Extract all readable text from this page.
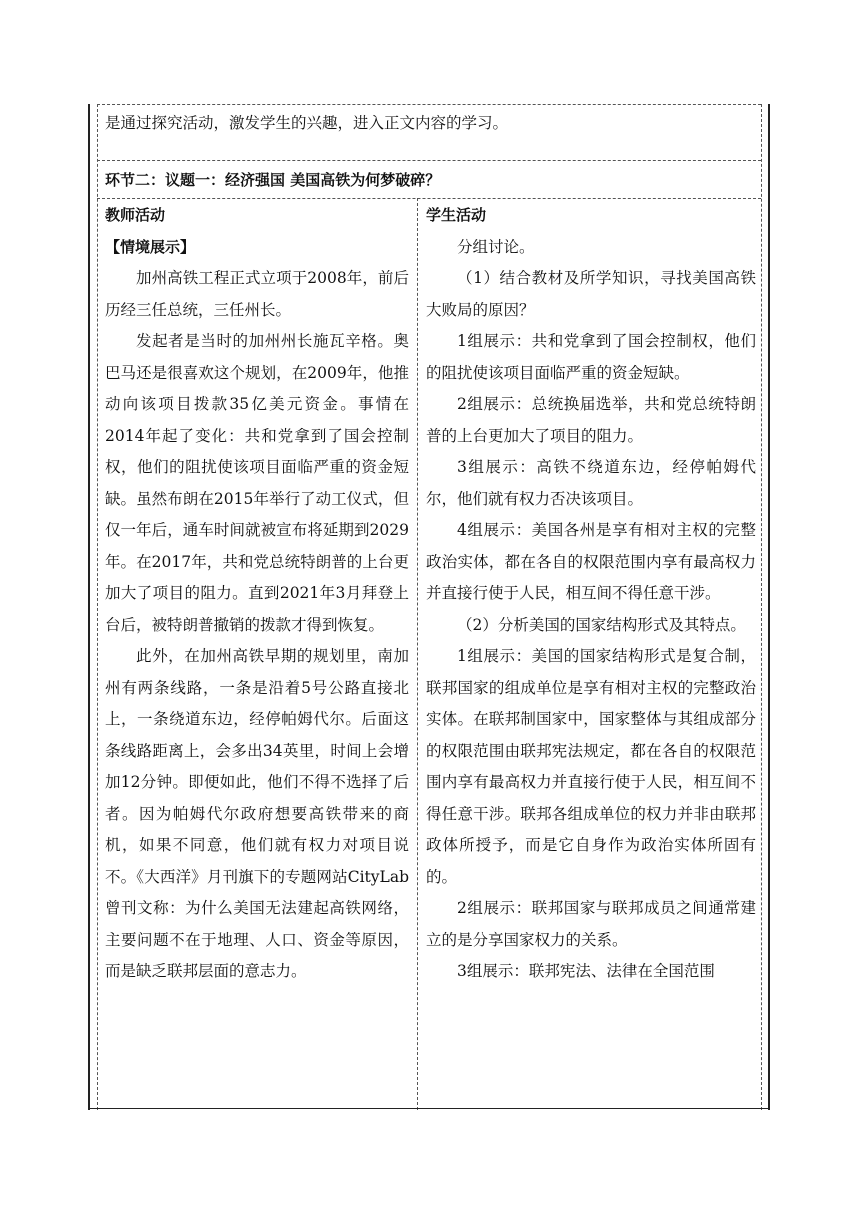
是通过探究活动，激发学生的兴趣，进入正文内容的学习。
环节二：议题一：经济强国 美国高铁为何梦破碎？

教师活动

【情境展示】

加州高铁工程正式立项于2008年，前后历经三任总统，三任州长。

发起者是当时的加州州长施瓦辛格。奥巴马还是很喜欢这个规划，在2009年，他推动向该项目拨款35亿美元资金。事情在2014年起了变化：共和党拿到了国会控制权，他们的阻扰使该项目面临严重的资金短缺。虽然布朗在2015年举行了动工仪式，但仅一年后，通车时间就被宣布将延期到2029年。在2017年，共和党总统特朗普的上台更加大了项目的阻力。直到2021年3月拜登上台后，被特朗普撤销的拨款才得到恢复。

此外，在加州高铁早期的规划里，南加州有两条线路，一条是沿着5号公路直接北上，一条绕道东边，经停帕姆代尔。后面这条线路距离上，会多出34英里，时间上会增加12分钟。即便如此，他们不得不选择了后者。因为帕姆代尔政府想要高铁带来的商机，如果不同意，他们就有权力对项目说不。《大西洋》月刊旗下的专题网站CityLab曾刊文称：为什么美国无法建起高铁网络，主要问题不在于地理、人口、资金等原因，而是缺乏联邦层面的意志力。

学生活动

分组讨论。

（1）结合教材及所学知识，寻找美国高铁大败局的原因？

1组展示：共和党拿到了国会控制权，他们的阻扰使该项目面临严重的资金短缺。

2组展示：总统换届选举，共和党总统特朗普的上台更加大了项目的阻力。

3组展示：高铁不绕道东边，经停帕姆代尔，他们就有权力否决该项目。

4组展示：美国各州是享有相对主权的完整政治实体，都在各自的权限范围内享有最高权力并直接行使于人民，相互间不得任意干涉。

（2）分析美国的国家结构形式及其特点。

1组展示：美国的国家结构形式是复合制，联邦国家的组成单位是享有相对主权的完整政治实体。在联邦制国家中，国家整体与其组成部分的权限范围由联邦宪法规定，都在各自的权限范围内享有最高权力并直接行使于人民，相互间不得任意干涉。联邦各组成单位的权力并非由联邦政体所授予，而是它自身作为政治实体所固有的。

2组展示：联邦国家与联邦成员之间通常建立的是分享国家权力的关系。

3组展示：联邦宪法、法律在全国范围
